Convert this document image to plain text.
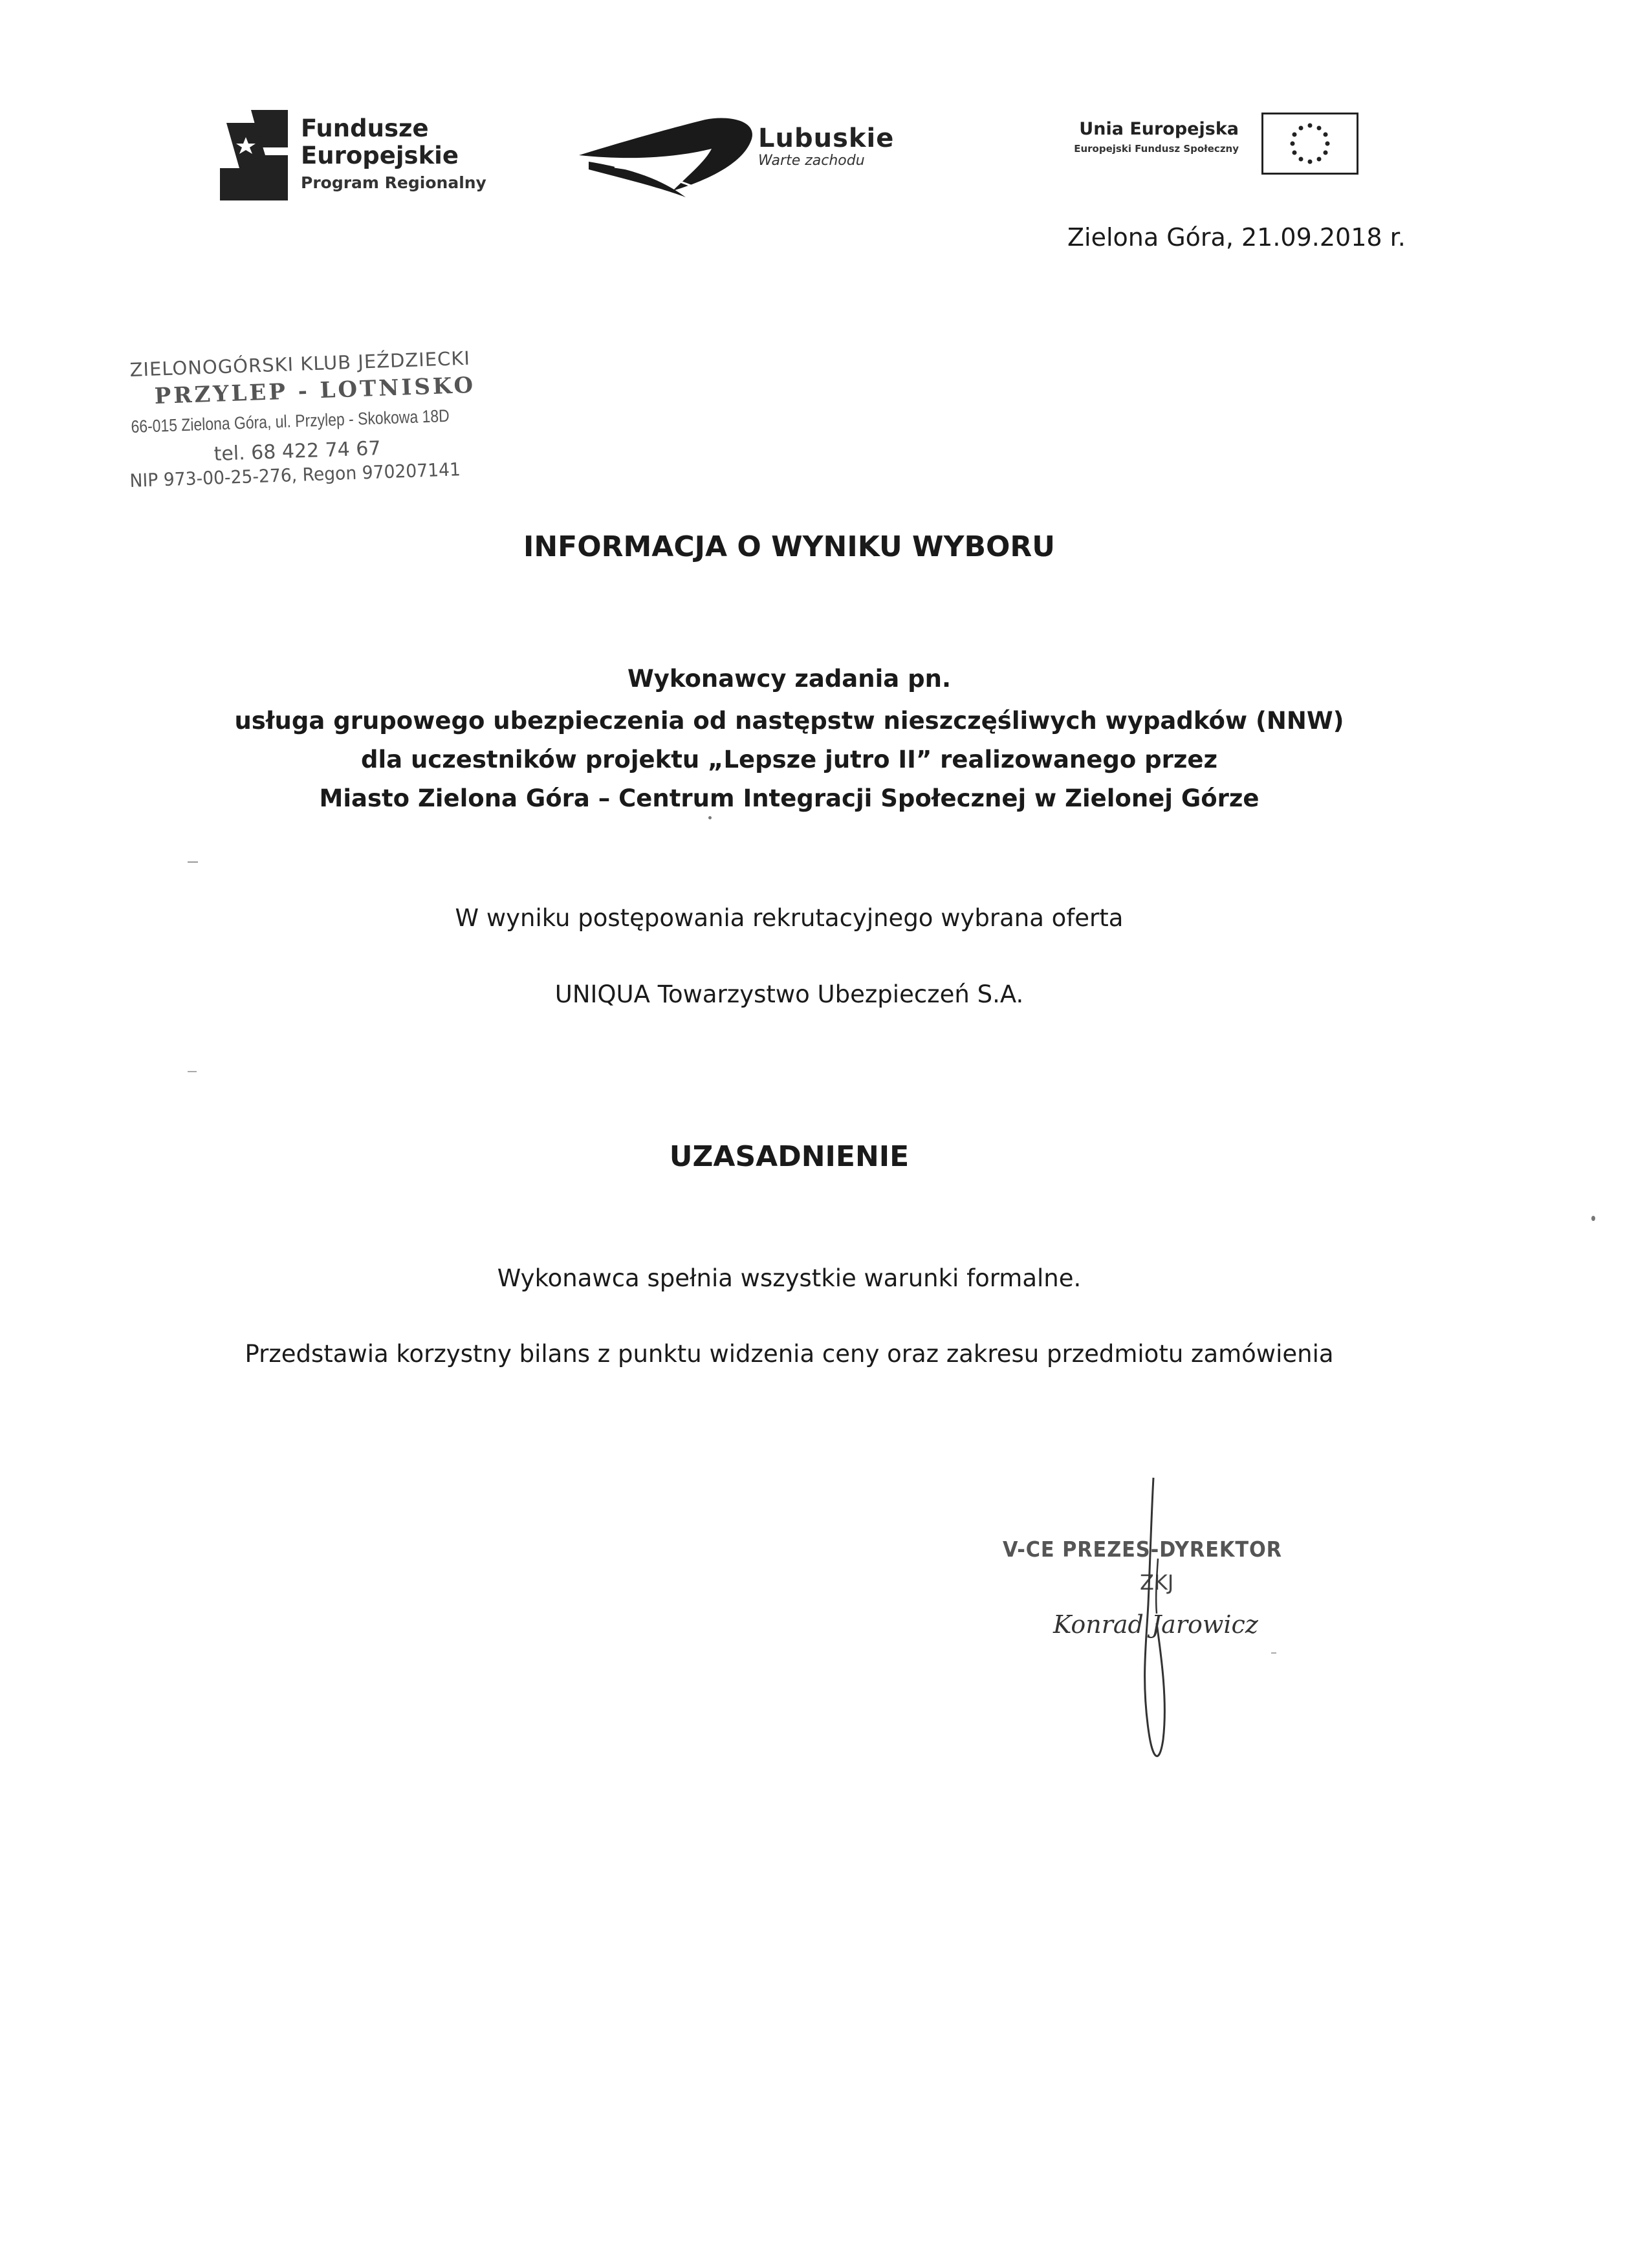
Fundusze
Europejskie
Program Regionalny
Lubuskie
Warte zachodu
Unia Europejska
Europejski Fundusz Społeczny
Zielona Góra, 21.09.2018 r.
ZIELONOGÓRSKI KLUB JEŹDZIECKI
PRZYLEP - LOTNISKO
66-015 Zielona Góra, ul. Przylep - Skokowa 18D
tel. 68 422 74 67
NIP 973-00-25-276, Regon 970207141
INFORMACJA O WYNIKU WYBORU
Wykonawcy zadania pn.
usługa grupowego ubezpieczenia od następstw nieszczęśliwych wypadków (NNW)
dla uczestników projektu „Lepsze jutro II” realizowanego przez
Miasto Zielona Góra – Centrum Integracji Społecznej w Zielonej Górze
W wyniku postępowania rekrutacyjnego wybrana oferta
UNIQUA Towarzystwo Ubezpieczeń S.A.
UZASADNIENIE
Wykonawca spełnia wszystkie warunki formalne.
Przedstawia korzystny bilans z punktu widzenia ceny oraz zakresu przedmiotu zamówienia
V-CE PREZES-DYREKTOR
ZKJ
Konrad Jarowicz
